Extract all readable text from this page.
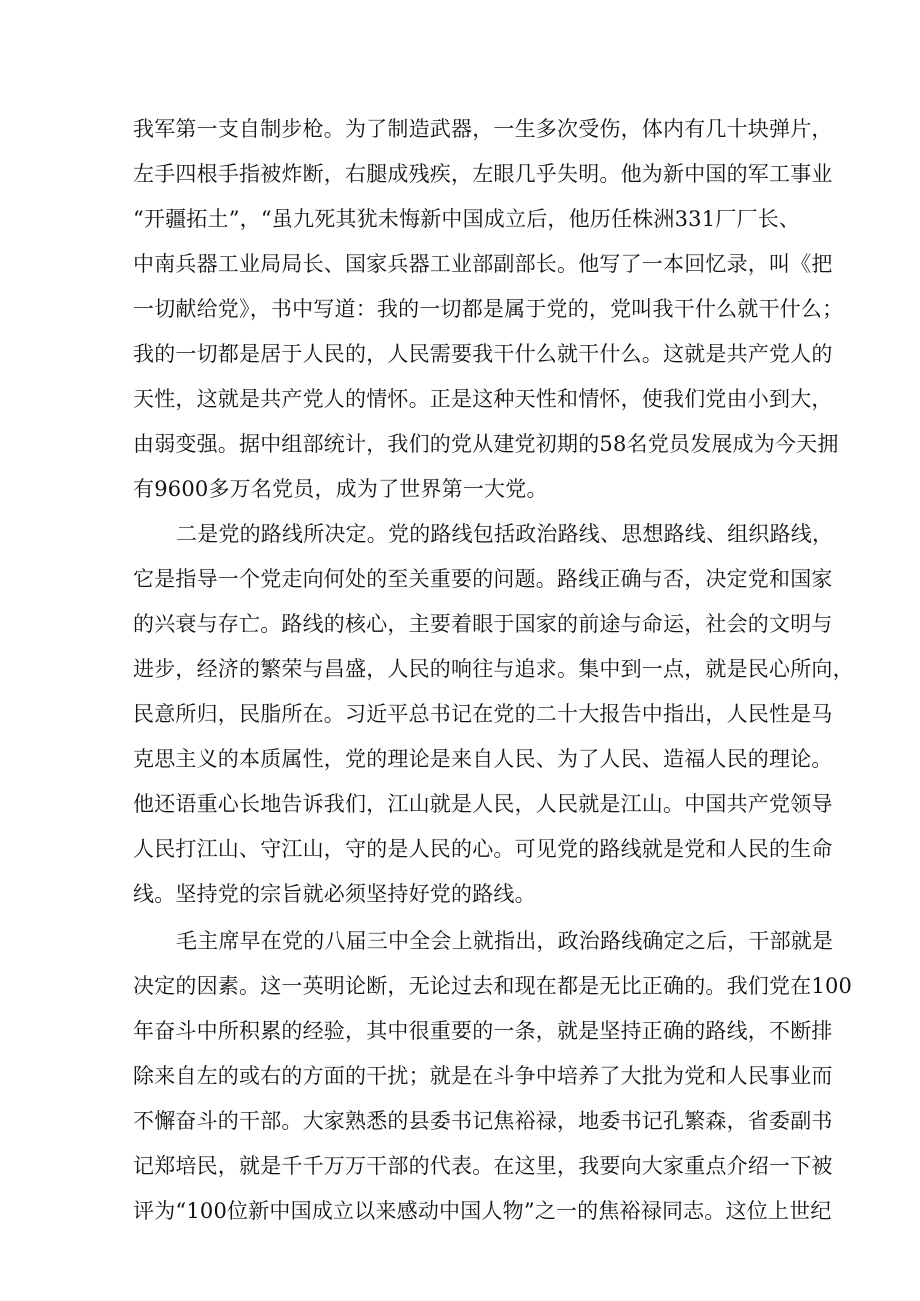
我军第一支自制步枪。为了制造武器，一生多次受伤，体内有几十块弹片，
左手四根手指被炸断，右腿成残疾，左眼几乎失明。他为新中国的军工事业
“开疆拓土”，“虽九死其犹未悔新中国成立后，他历任株洲331厂厂长、
中南兵器工业局局长、国家兵器工业部副部长。他写了一本回忆录，叫《把
一切献给党》，书中写道：我的一切都是属于党的，党叫我干什么就干什么；
我的一切都是居于人民的，人民需要我干什么就干什么。这就是共产党人的
天性，这就是共产党人的情怀。正是这种天性和情怀，使我们党由小到大，
由弱变强。据中组部统计，我们的党从建党初期的58名党员发展成为今天拥
有9600多万名党员，成为了世界第一大党。
二是党的路线所决定。党的路线包括政治路线、思想路线、组织路线，
它是指导一个党走向何处的至关重要的问题。路线正确与否，决定党和国家
的兴衰与存亡。路线的核心，主要着眼于国家的前途与命运，社会的文明与
进步，经济的繁荣与昌盛，人民的响往与追求。集中到一点，就是民心所向，
民意所归，民脂所在。习近平总书记在党的二十大报告中指出，人民性是马
克思主义的本质属性，党的理论是来自人民、为了人民、造福人民的理论。
他还语重心长地告诉我们，江山就是人民，人民就是江山。中国共产党领导
人民打江山、守江山，守的是人民的心。可见党的路线就是党和人民的生命
线。坚持党的宗旨就必须坚持好党的路线。
毛主席早在党的八届三中全会上就指出，政治路线确定之后，干部就是
决定的因素。这一英明论断，无论过去和现在都是无比正确的。我们党在100
年奋斗中所积累的经验，其中很重要的一条，就是坚持正确的路线，不断排
除来自左的或右的方面的干扰；就是在斗争中培养了大批为党和人民事业而
不懈奋斗的干部。大家熟悉的县委书记焦裕禄，地委书记孔繁森，省委副书
记郑培民，就是千千万万干部的代表。在这里，我要向大家重点介绍一下被
评为“100位新中国成立以来感动中国人物”之一的焦裕禄同志。这位上世纪
